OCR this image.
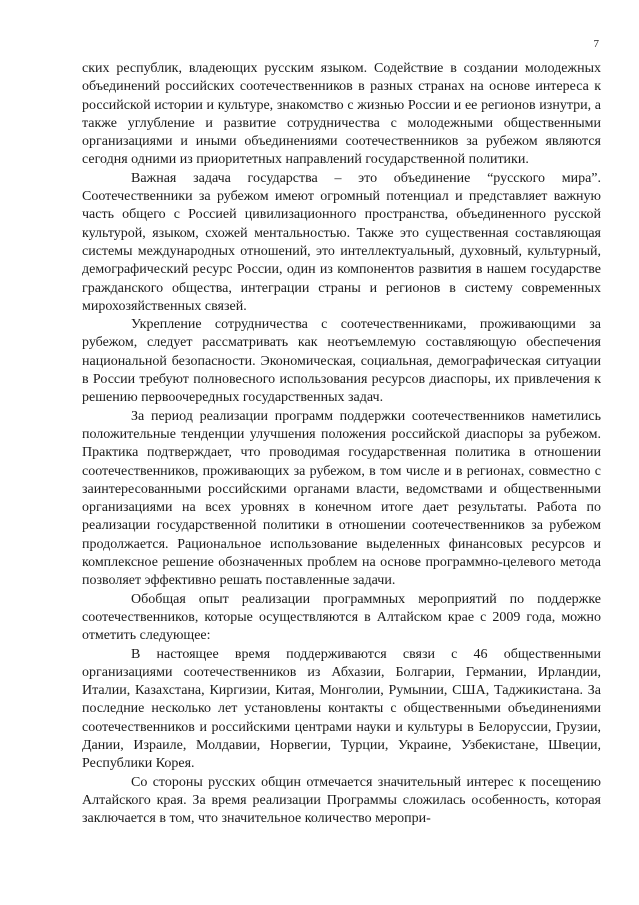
7

ских республик, владеющих русским языком. Содействие в создании молодежных объединений российских соотечественников в разных странах на основе интереса к российской истории и культуре, знакомство с жизнью России и ее регионов изнутри, а также углубление и развитие сотрудничества с молодежными общественными организациями и иными объединениями соотечественников за рубежом являются сегодня одними из приоритетных направлений государственной политики.

Важная задача государства – это объединение “русского мира”. Соотечественники за рубежом имеют огромный потенциал и представляет важную часть общего с Россией цивилизационного пространства, объединенного русской культурой, языком, схожей ментальностью. Также это существенная составляющая системы международных отношений, это интеллектуальный, духовный, культурный, демографический ресурс России, один из компонентов развития в нашем государстве гражданского общества, интеграции страны и регионов в систему современных мирохозяйственных связей.

Укрепление сотрудничества с соотечественниками, проживающими за рубежом, следует рассматривать как неотъемлемую составляющую обеспечения национальной безопасности. Экономическая, социальная, демографическая ситуации в России требуют полновесного использования ресурсов диаспоры, их привлечения к решению первоочередных государственных задач.

За период реализации программ поддержки соотечественников наметились положительные тенденции улучшения положения российской диаспоры за рубежом. Практика подтверждает, что проводимая государственная политика в отношении соотечественников, проживающих за рубежом, в том числе и в регионах, совместно с заинтересованными российскими органами власти, ведомствами и общественными организациями на всех уровнях в конечном итоге дает результаты. Работа по реализации государственной политики в отношении соотечественников за рубежом продолжается. Рациональное использование выделенных финансовых ресурсов и комплексное решение обозначенных проблем на основе программно-целевого метода позволяет эффективно решать поставленные задачи.

Обобщая опыт реализации программных мероприятий по поддержке соотечественников, которые осуществляются в Алтайском крае с 2009 года, можно отметить следующее:

В настоящее время поддерживаются связи с 46 общественными организациями соотечественников из Абхазии, Болгарии, Германии, Ирландии, Италии, Казахстана, Киргизии, Китая, Монголии, Румынии, США, Таджикистана. За последние несколько лет установлены контакты с общественными объединениями соотечественников и российскими центрами науки и культуры в Белоруссии, Грузии, Дании, Израиле, Молдавии, Норвегии, Турции, Украине, Узбекистане, Швеции, Республики Корея.

Со стороны русских общин отмечается значительный интерес к посещению Алтайского края. За время реализации Программы сложилась особенность, которая заключается в том, что значительное количество меропри-
